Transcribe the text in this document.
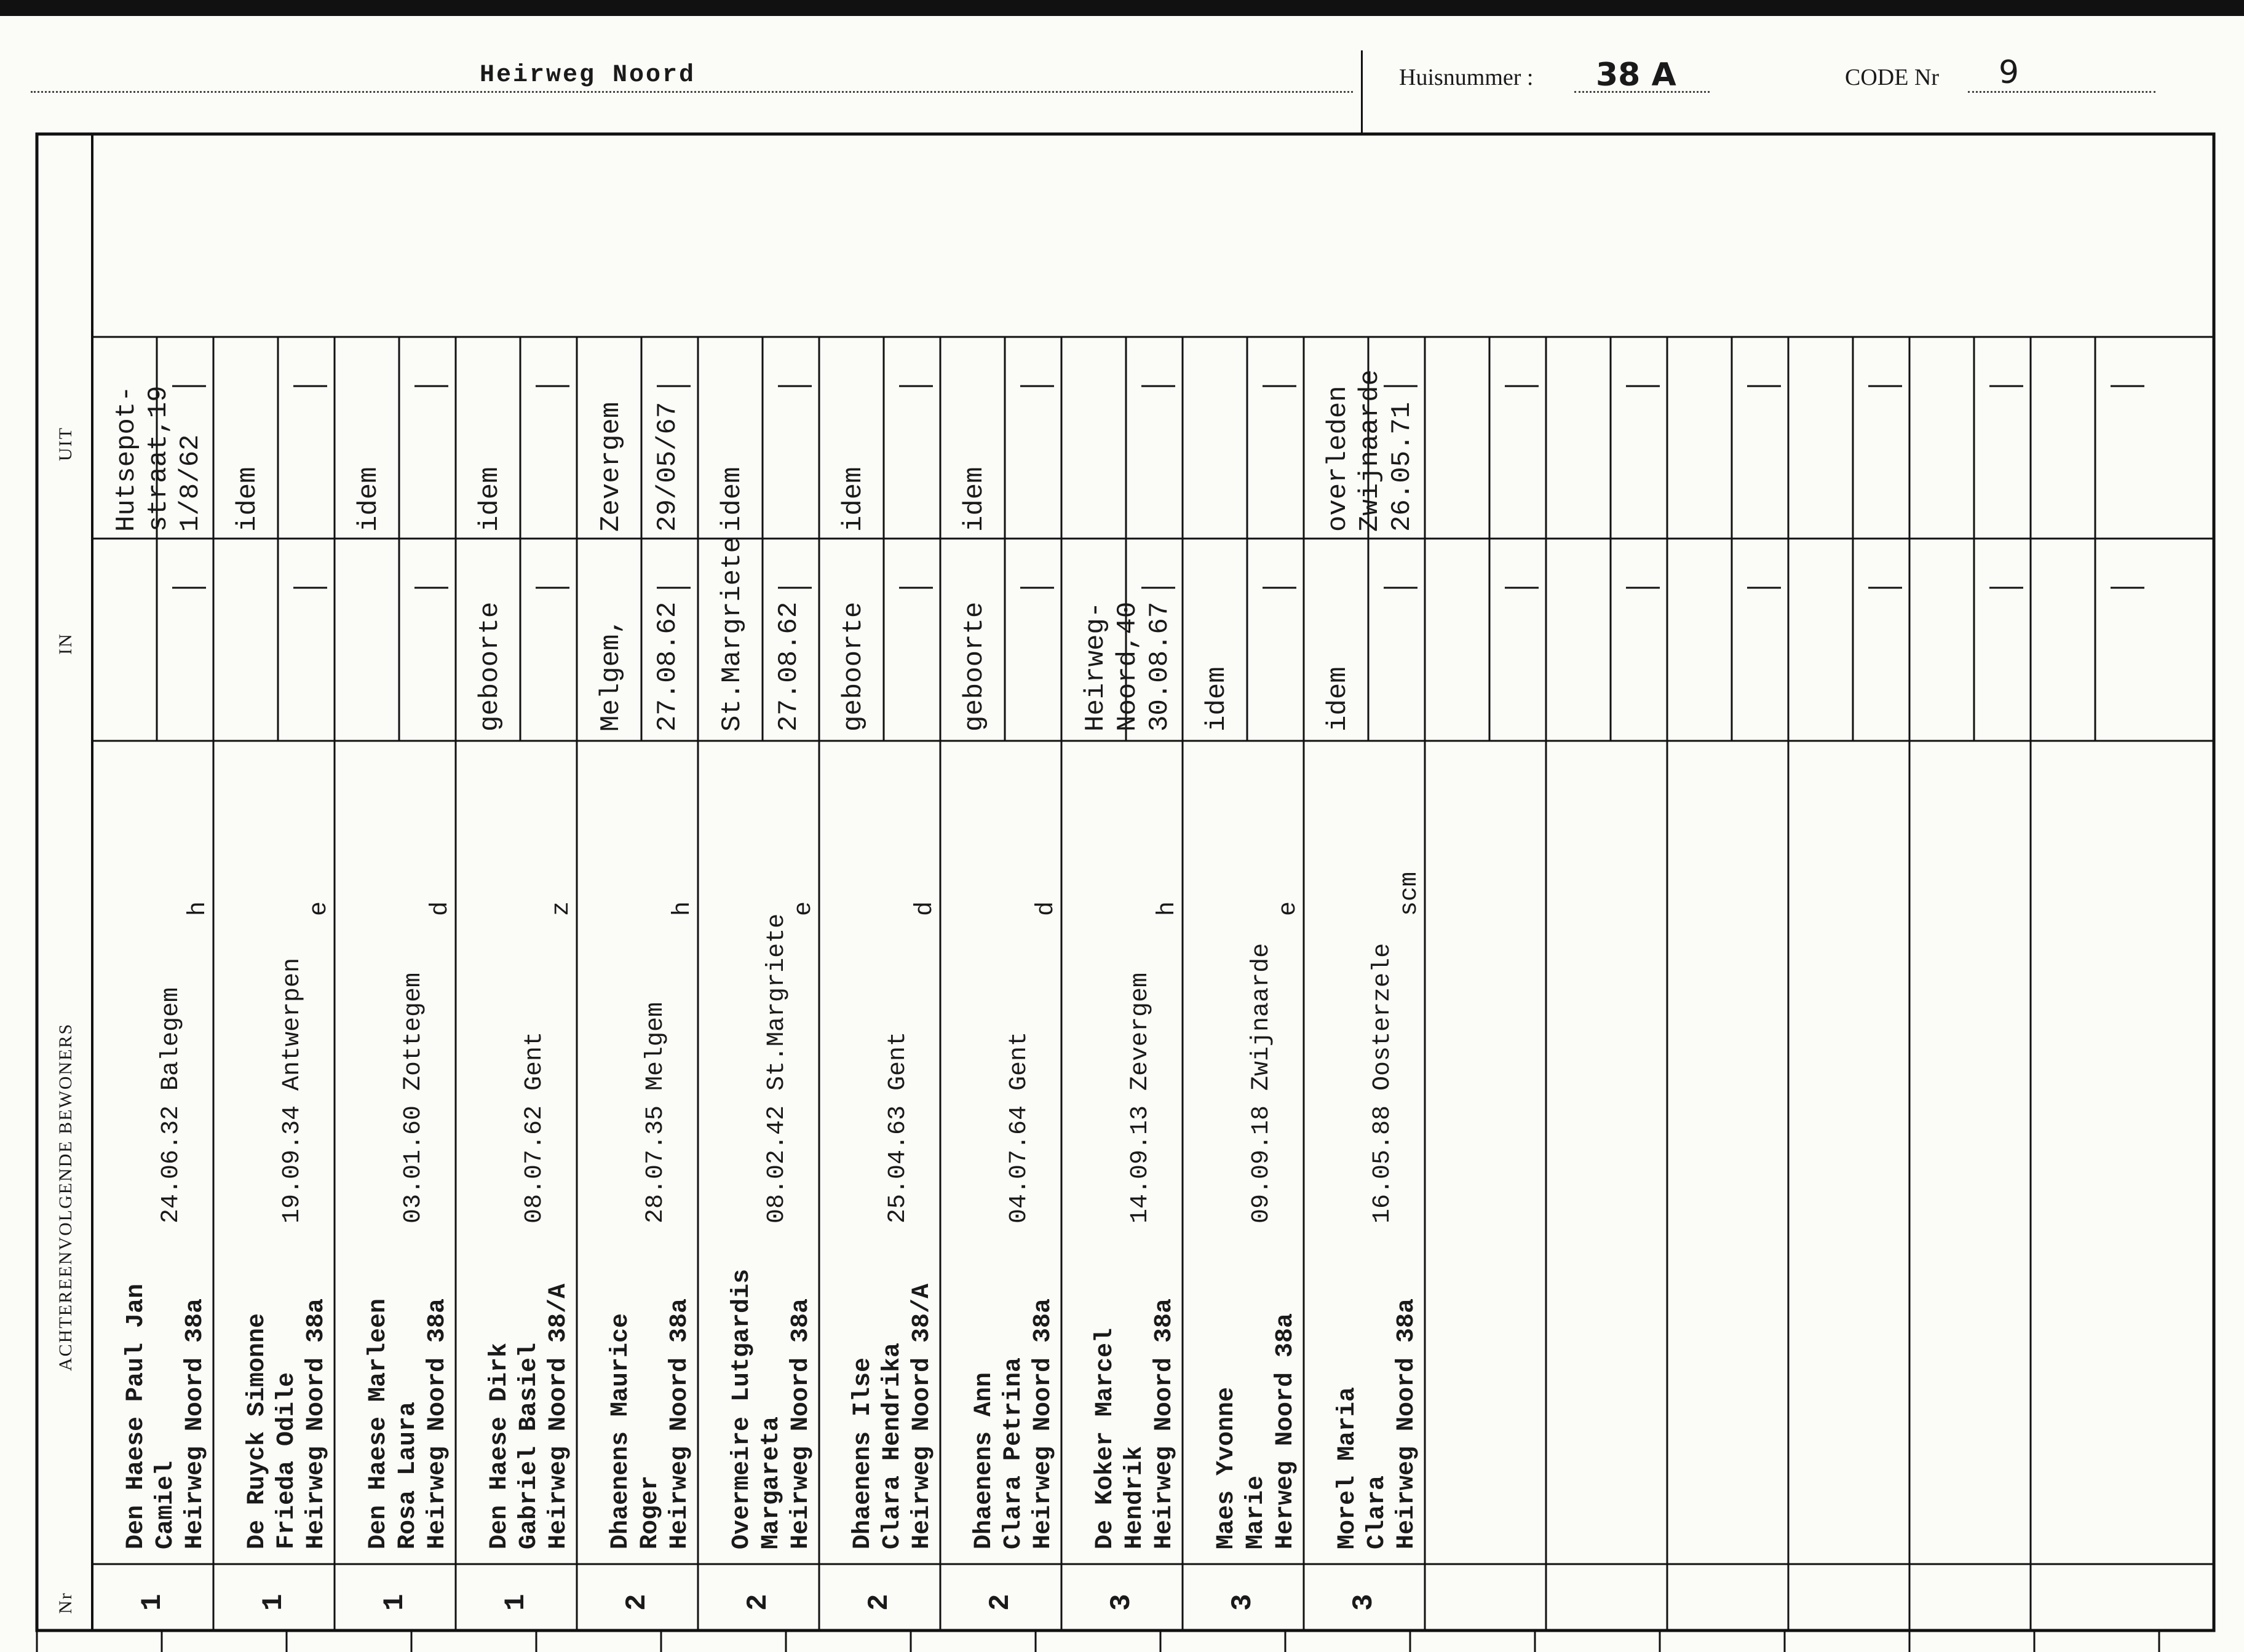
Heirweg Noord	Huisnummer : 38 A	CODE Nr 9
UIT
IN
ACHTEREENVOLGENDE BEWONERS
Nr 1
Den Haese Paul Jan Camiel Heirweg Noord 38a
24.06.32 Balegem
h
Hutsepot- straat,19 1/8/62
1
De Ruyck Simonne Frieda Odile Heirweg Noord 38a
19.09.34 Antwerpen
e
idem
1
Den Haese Marleen Rosa Laura Heirweg Noord 38a
03.01.60 Zottegem
d
idem
1
Den Haese Dirk Gabriel Basiel Heirweg Noord 38/A
08.07.62 Gent
z
geboorte
idem
2
Dhaenens Maurice Roger Heirweg Noord 38a
28.07.35 Melgem
h
Melgem, 27.08.62
Zevergem 29/05/67
2
Overmeire Lutgardis Margareta Heirweg Noord 38a
08.02.42 St.Margriete
e
St.Margriete 27.08.62
idem
2
Dhaenens Ilse Clara Hendrika Heirweg Noord 38/A
25.04.63 Gent
d
geboorte
idem
2
Dhaenens Ann Clara Petrina Heirweg Noord 38a
04.07.64 Gent
d
geboorte
idem
3
De Koker Marcel Hendrik Heirweg Noord 38a
14.09.13 Zevergem
h
Heirweg- Noord,40 30.08.67
3
Maes Yvonne Marie Herweg Noord 38a
09.09.18 Zwijnaarde
e
idem
3
Morel Maria Clara Heirweg Noord 38a
16.05.88 Oosterzele
scm
idem
overleden Zwijnaarde 26.05.71
